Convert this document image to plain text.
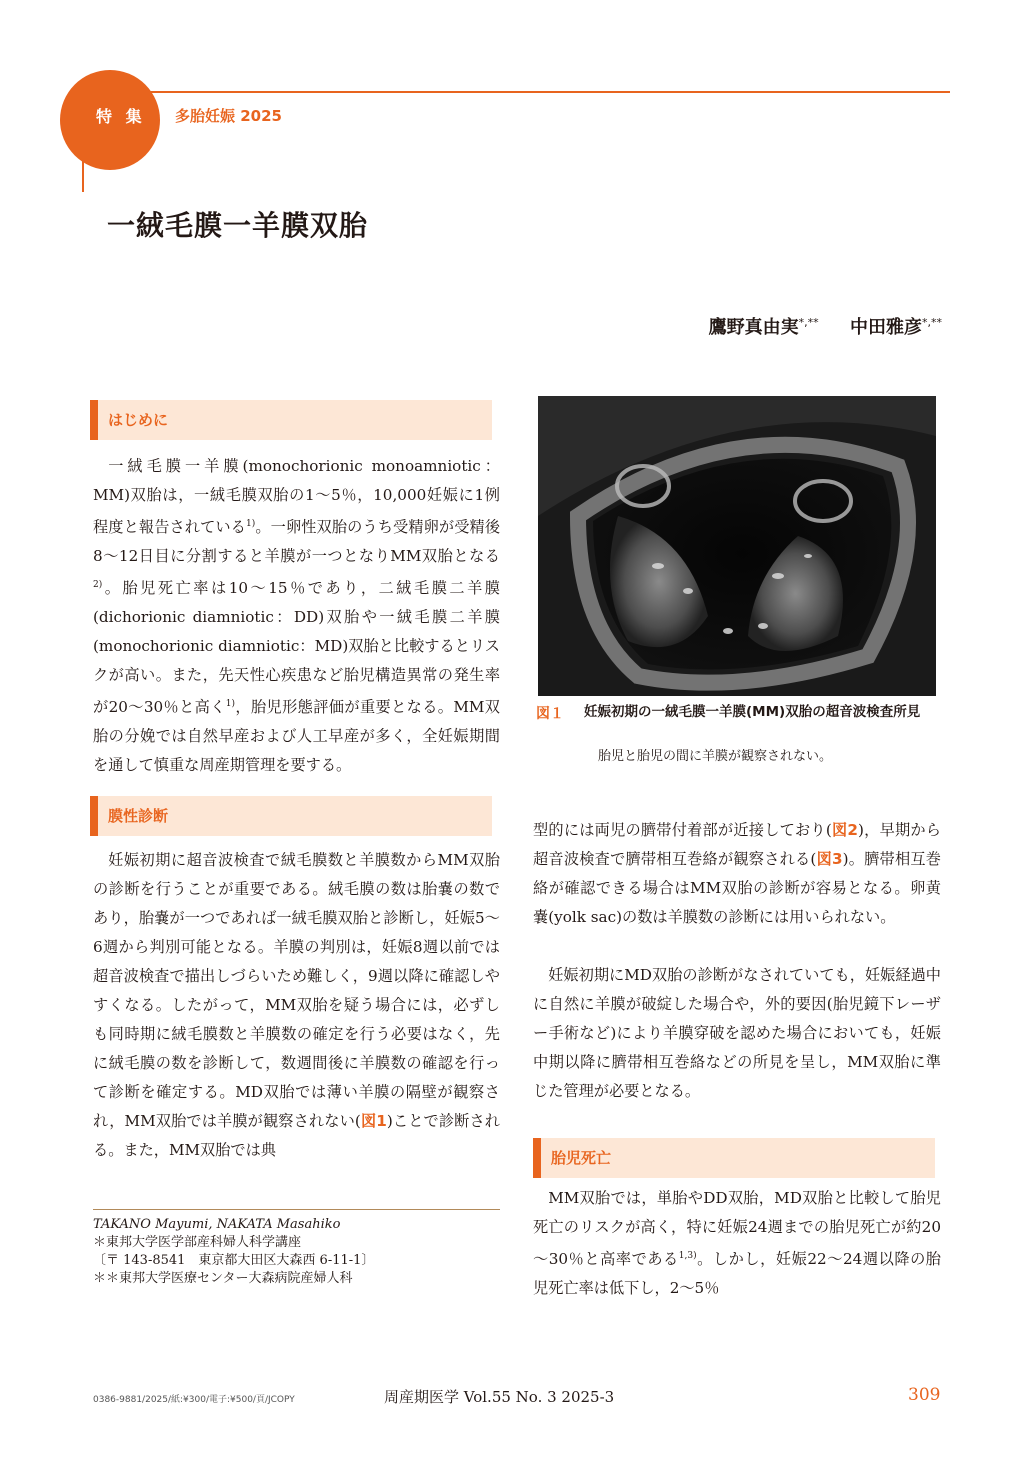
特 集 多胎妊娠 2025
一絨毛膜一羊膜双胎
鷹野真由実*,** 中田雅彦*,**
はじめに

一絨毛膜一羊膜(monochorionic monoamniotic：MM)双胎は，一絨毛膜双胎の1～5％，10,000妊娠に1例程度と報告されている$^{1)}$。一卵性双胎のうち受精卵が受精後8～12日目に分割すると羊膜が一つとなりMM双胎となる$^{2)}$。胎児死亡率は10～15％であり，二絨毛膜二羊膜(dichorionic diamniotic：DD)双胎や一絨毛膜二羊膜(monochorionic diamniotic：MD)双胎と比較するとリスクが高い。また，先天性心疾患など胎児構造異常の発生率が20～30％と高く$^{1)}$，胎児形態評価が重要となる。MM双胎の分娩では自然早産および人工早産が多く，全妊娠期間を通して慎重な周産期管理を要する。

膜性診断

妊娠初期に超音波検査で絨毛膜数と羊膜数からMM双胎の診断を行うことが重要である。絨毛膜の数は胎嚢の数であり，胎嚢が一つであれば一絨毛膜双胎と診断し，妊娠5～6週から判別可能となる。羊膜の判別は，妊娠8週以前では超音波検査で描出しづらいため難しく，9週以降に確認しやすくなる。したがって，MM双胎を疑う場合には，必ずしも同時期に絨毛膜数と羊膜数の確定を行う必要はなく，先に絨毛膜の数を診断して，数週間後に羊膜数の確認を行って診断を確定する。MD双胎では薄い羊膜の隔壁が観察され，MM双胎では羊膜が観察されない(図1)ことで診断される。また，MM双胎では典

図１ 妊娠初期の一絨毛膜一羊膜(MM)双胎の超音波検査所見
胎児と胎児の間に羊膜が観察されない。

型的には両児の臍帯付着部が近接しており(図2)，早期から超音波検査で臍帯相互巻絡が観察される(図3)。臍帯相互巻絡が確認できる場合はMM双胎の診断が容易となる。卵黄嚢(yolk sac)の数は羊膜数の診断には用いられない。

妊娠初期にMD双胎の診断がなされていても，妊娠経過中に自然に羊膜が破綻した場合や，外的要因(胎児鏡下レーザー手術など)により羊膜穿破を認めた場合においても，妊娠中期以降に臍帯相互巻絡などの所見を呈し，MM双胎に準じた管理が必要となる。

胎児死亡

MM双胎では，単胎やDD双胎，MD双胎と比較して胎児死亡のリスクが高く，特に妊娠24週までの胎児死亡が約20～30％と高率である$^{1,3)}$。しかし，妊娠22～24週以降の胎児死亡率は低下し，2～5％

TAKANO Mayumi, NAKATA Masahiko
＊東邦大学医学部産科婦人科学講座
〔〒 143-8541　東京都大田区大森西 6-11-1〕
＊＊東邦大学医療センター大森病院産婦人科
0386-9881/2025/紙:¥300/電子:¥500/頁/JCOPY	周産期医学 Vol.55 No. 3 2025-3	309
